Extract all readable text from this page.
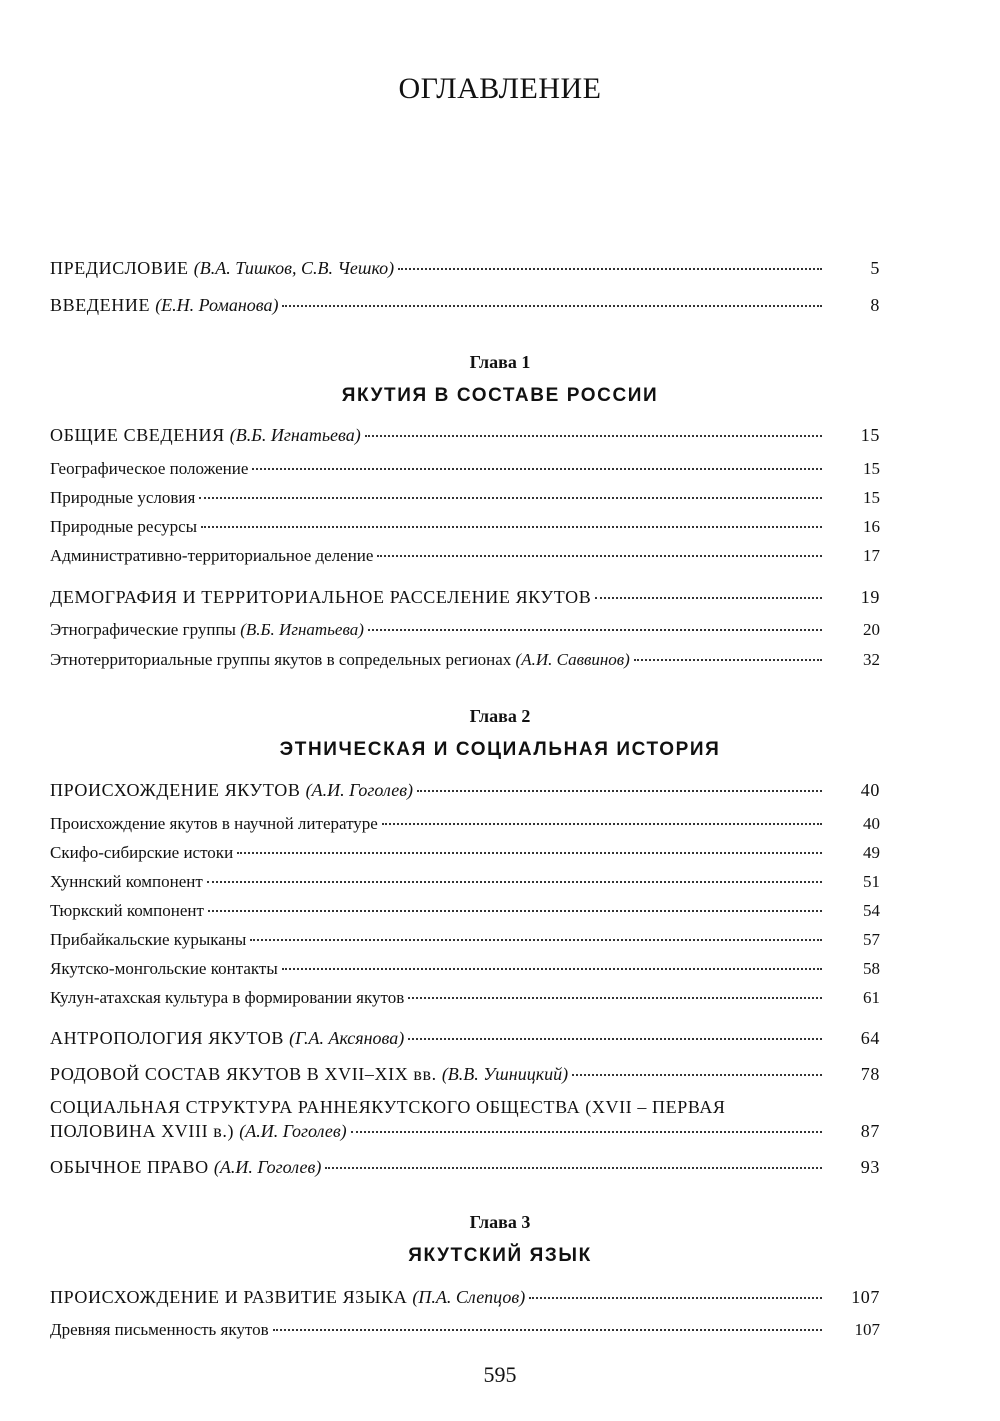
ОГЛАВЛЕНИЕ
ПРЕДИСЛОВИЕ (В.А. Тишков, С.В. Чешко)	5
ВВЕДЕНИЕ (Е.Н. Романова)	8
Глава 1
ЯКУТИЯ В СОСТАВЕ РОССИИ
ОБЩИЕ СВЕДЕНИЯ (В.Б. Игнатьева)	15
Географическое положение	15
Природные условия	15
Природные ресурсы	16
Административно-территориальное деление	17
ДЕМОГРАФИЯ И ТЕРРИТОРИАЛЬНОЕ РАССЕЛЕНИЕ ЯКУТОВ	19
Этнографические группы (В.Б. Игнатьева)	20
Этнотерриториальные группы якутов в сопредельных регионах (А.И. Саввинов)	32
Глава 2
ЭТНИЧЕСКАЯ И СОЦИАЛЬНАЯ ИСТОРИЯ
ПРОИСХОЖДЕНИЕ ЯКУТОВ (А.И. Гоголев)	40
Происхождение якутов в научной литературе	40
Скифо-сибирские истоки	49
Хуннский компонент	51
Тюркский компонент	54
Прибайкальские курыканы	57
Якутско-монгольские контакты	58
Кулун-атахская культура в формировании якутов	61
АНТРОПОЛОГИЯ ЯКУТОВ (Г.А. Аксянова)	64
РОДОВОЙ СОСТАВ ЯКУТОВ В XVII–XIX вв. (В.В. Ушницкий)	78
СОЦИАЛЬНАЯ СТРУКТУРА РАННЕЯКУТСКОГО ОБЩЕСТВА (XVII – ПЕРВАЯ
ПОЛОВИНА XVIII в.) (А.И. Гоголев)	87
ОБЫЧНОЕ ПРАВО (А.И. Гоголев)	93
Глава 3
ЯКУТСКИЙ ЯЗЫК
ПРОИСХОЖДЕНИЕ И РАЗВИТИЕ ЯЗЫКА (П.А. Слепцов)	107
Древняя письменность якутов	107
595
